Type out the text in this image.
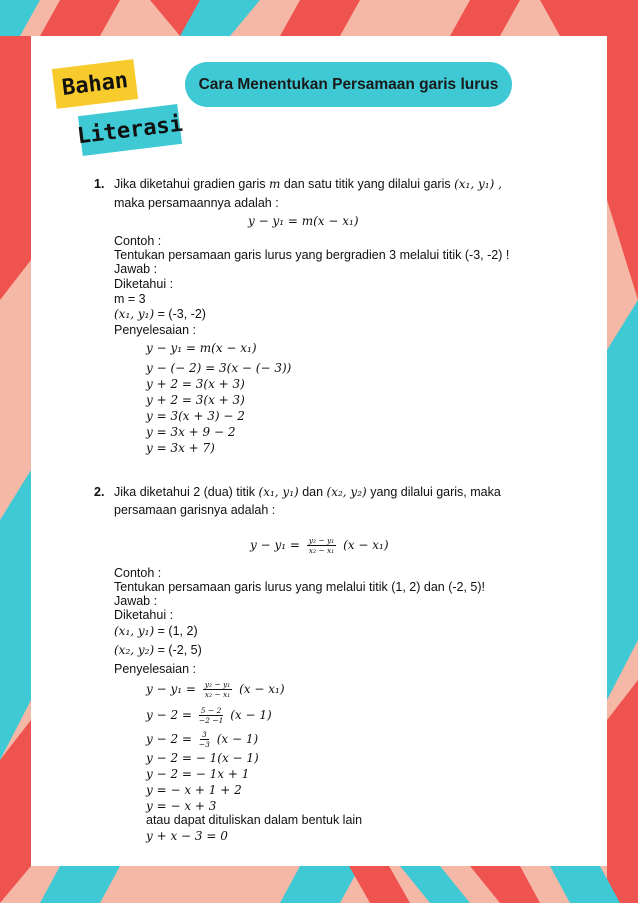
Bahan
Literasi
Cara Menentukan Persamaan garis lurus
1. Jika diketahui gradien garis m dan satu titik yang dilalui garis (x₁, y₁) ,
maka persamaannya adalah :
y − y₁ = m(x − x₁)
Contoh :
Tentukan persamaan garis lurus yang bergradien 3 melalui titik (-3, -2) !
Jawab :
Diketahui :
m = 3
(x₁, y₁) = (-3, -2)
Penyelesaian :
y − y₁ = m(x − x₁)
y − (− 2) = 3(x − (− 3))
y + 2 = 3(x + 3)
y + 2 = 3(x + 3)
y = 3(x + 3) − 2
y = 3x + 9 − 2
y = 3x + 7)
2. Jika diketahui 2 (dua) titik (x₁, y₁) dan (x₂, y₂) yang dilalui garis, maka
persamaan garisnya adalah :
$y - y_1 = \frac{\text{y₂ − y₁}}{\text{x₂ − x₁}} (x - x_1)$
Contoh :
Tentukan persamaan garis lurus yang melalui titik (1, 2) dan (-2, 5)!
Jawab :
Diketahui :
(x₁, y₁) = (1, 2)
(x₂, y₂) = (-2, 5)
Penyelesaian :
$y - y_1 = \frac{\text{y₂ − y₁}}{\text{x₂ − x₁}} (x - x_1)$
$y - 2 = \frac{5 - 2}{-2 -1} (x - 1)$
$y - 2 = \frac{3}{-3} (x - 1)$
y − 2 = − 1(x − 1)
y − 2 = − 1x + 1
y = − x + 1 + 2
y = − x + 3
atau dapat dituliskan dalam bentuk lain
y + x − 3 = 0
